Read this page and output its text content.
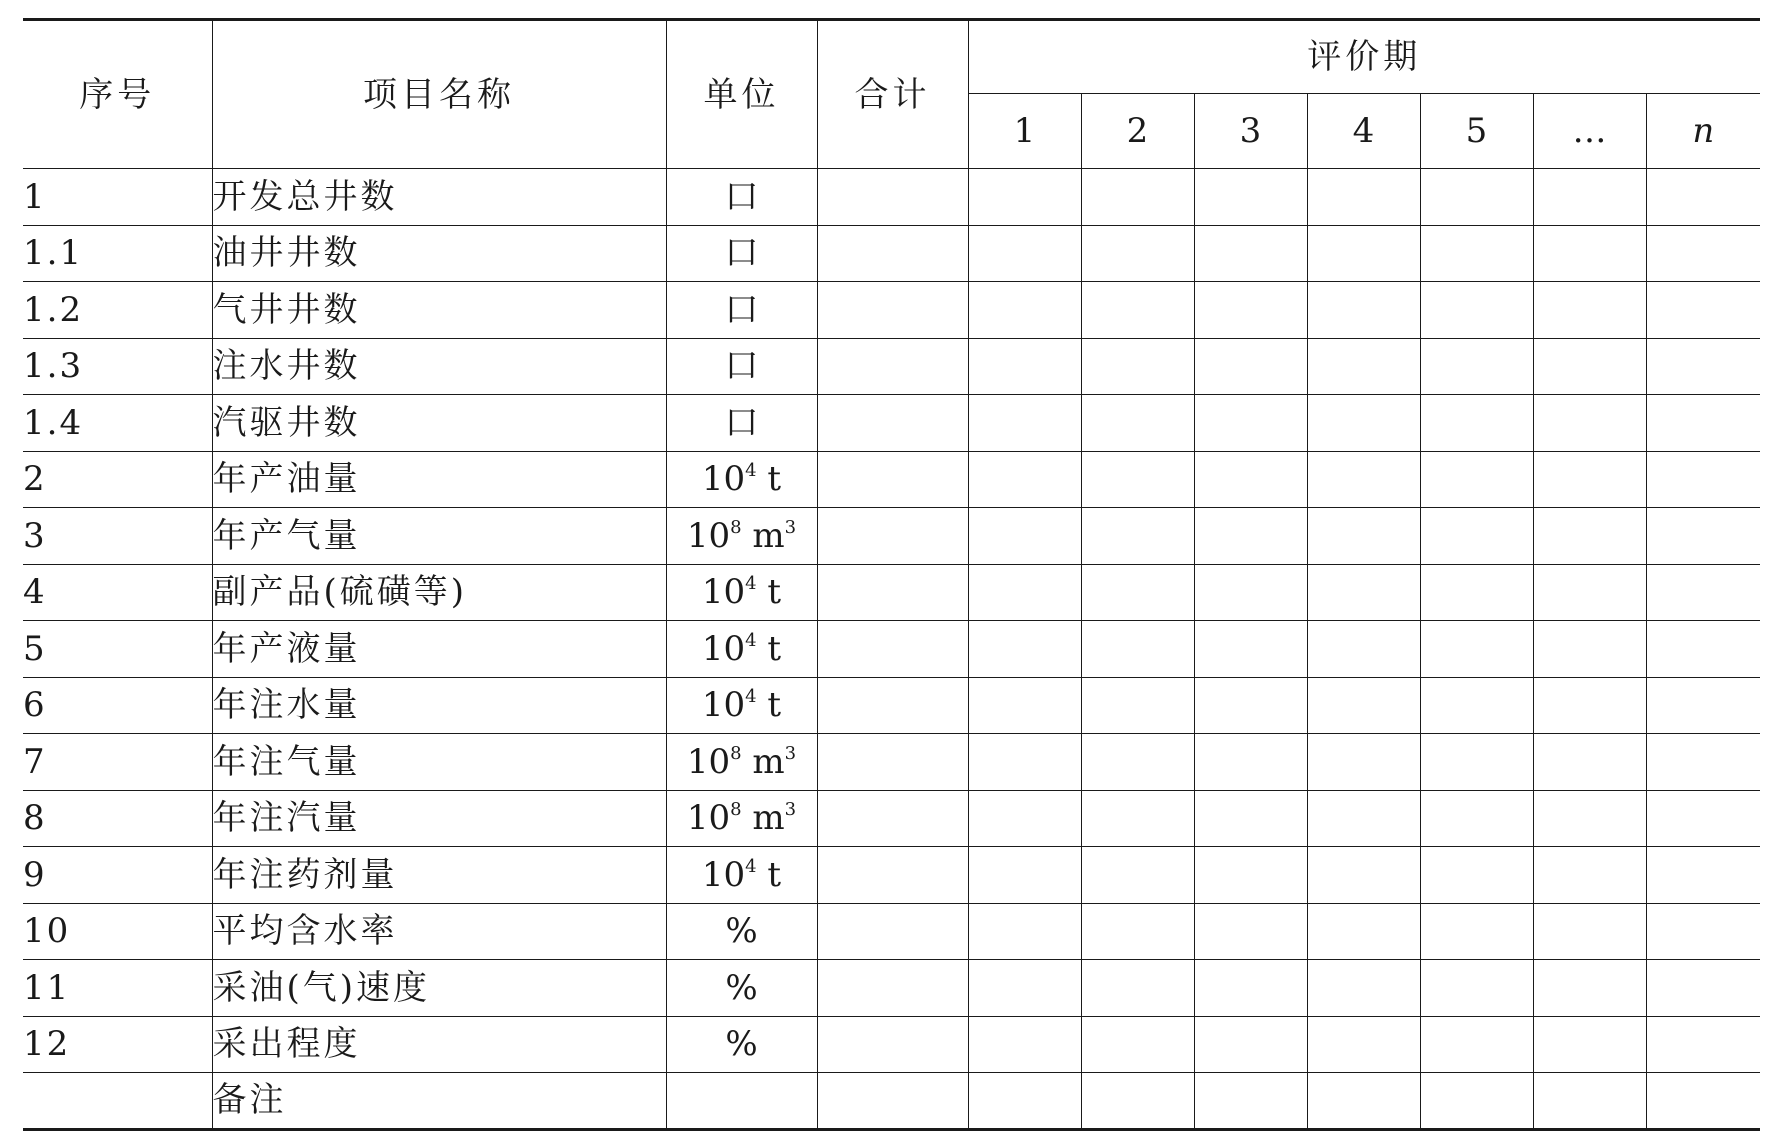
序号	项目名称	单位	合计	评价期						
				1	2	3	4	5	…	n
1	开发总井数	口								
1.1	油井井数	口								
1.2	气井井数	口								
1.3	注水井数	口								
1.4	汽驱井数	口								
2	年产油量	$10^4$ t								
3	年产气量	$10^8$ $m^3$								
4	副产品(硫磺等)	$10^4$ t								
5	年产液量	$10^4$ t								
6	年注水量	$10^4$ t								
7	年注气量	$10^8$ $m^3$								
8	年注汽量	$10^8$ $m^3$								
9	年注药剂量	$10^4$ t								
10	平均含水率	%								
11	采油(气)速度	%								
12	采出程度	%								
	备注									
